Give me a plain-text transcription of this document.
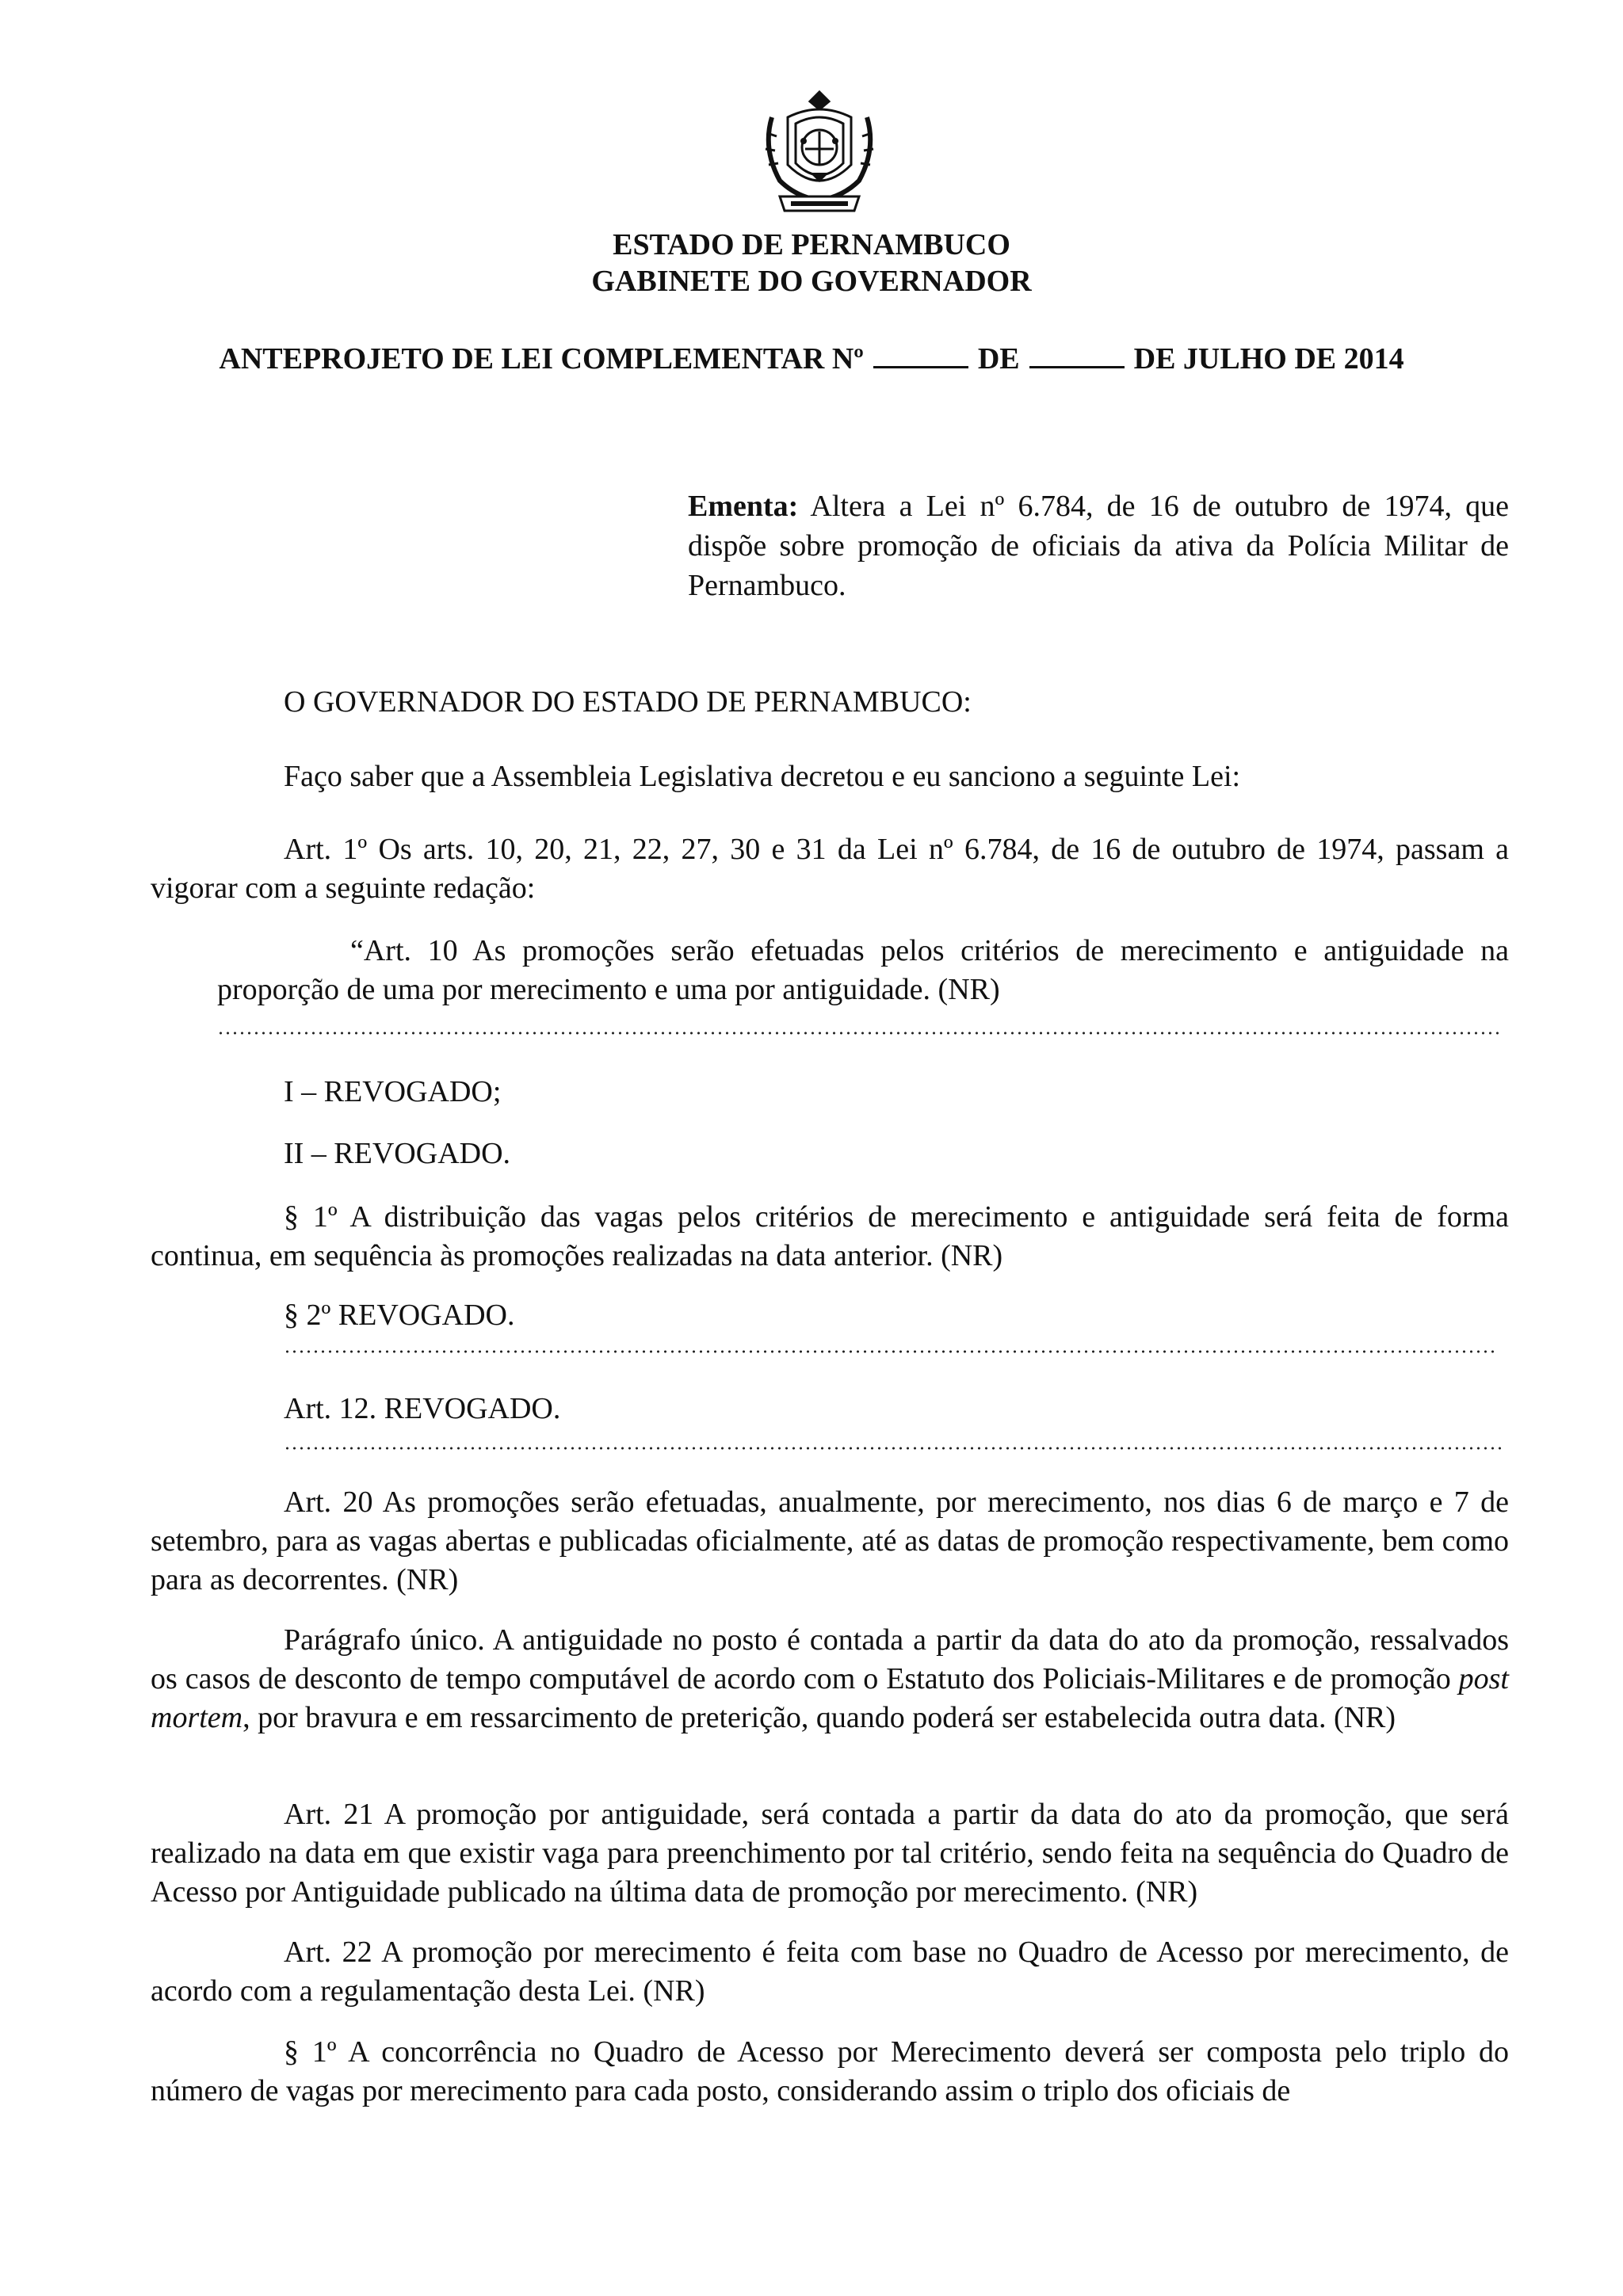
ESTADO DE PERNAMBUCO
GABINETE DO GOVERNADOR
ANTEPROJETO DE LEI COMPLEMENTAR Nº	DE	DE JULHO DE 2014
Ementa: Altera a Lei nº 6.784, de 16 de outubro de 1974, que dispõe sobre promoção de oficiais da ativa da Polícia Militar de Pernambuco.
O GOVERNADOR DO ESTADO DE PERNAMBUCO:
Faço saber que a Assembleia Legislativa decretou e eu sanciono a seguinte Lei:
Art. 1º Os arts. 10, 20, 21, 22, 27, 30 e 31 da Lei nº 6.784, de 16 de outubro de 1974, passam a vigorar com a seguinte redação:
“Art. 10 As promoções serão efetuadas pelos critérios de merecimento e antiguidade na proporção de uma por merecimento e uma por antiguidade. (NR)
I – REVOGADO;
II – REVOGADO.
§ 1º A distribuição das vagas pelos critérios de merecimento e antiguidade será feita de forma continua, em sequência às promoções realizadas na data anterior. (NR)
§ 2º REVOGADO.
Art. 12. REVOGADO.
Art. 20 As promoções serão efetuadas, anualmente, por merecimento, nos dias 6 de março e 7 de setembro, para as vagas abertas e publicadas oficialmente, até as datas de promoção respectivamente, bem como para as decorrentes. (NR)
Parágrafo único. A antiguidade no posto é contada a partir da data do ato da promoção, ressalvados os casos de desconto de tempo computável de acordo com o Estatuto dos Policiais-Militares e de promoção post mortem, por bravura e em ressarcimento de preterição, quando poderá ser estabelecida outra data. (NR)
Art. 21 A promoção por antiguidade, será contada a partir da data do ato da promoção, que será realizado na data em que existir vaga para preenchimento por tal critério, sendo feita na sequência do Quadro de Acesso por Antiguidade publicado na última data de promoção por merecimento. (NR)
Art. 22 A promoção por merecimento é feita com base no Quadro de Acesso por merecimento, de acordo com a regulamentação desta Lei. (NR)
§ 1º A concorrência no Quadro de Acesso por Merecimento deverá ser composta pelo triplo do número de vagas por merecimento para cada posto, considerando assim o triplo dos oficiais de
